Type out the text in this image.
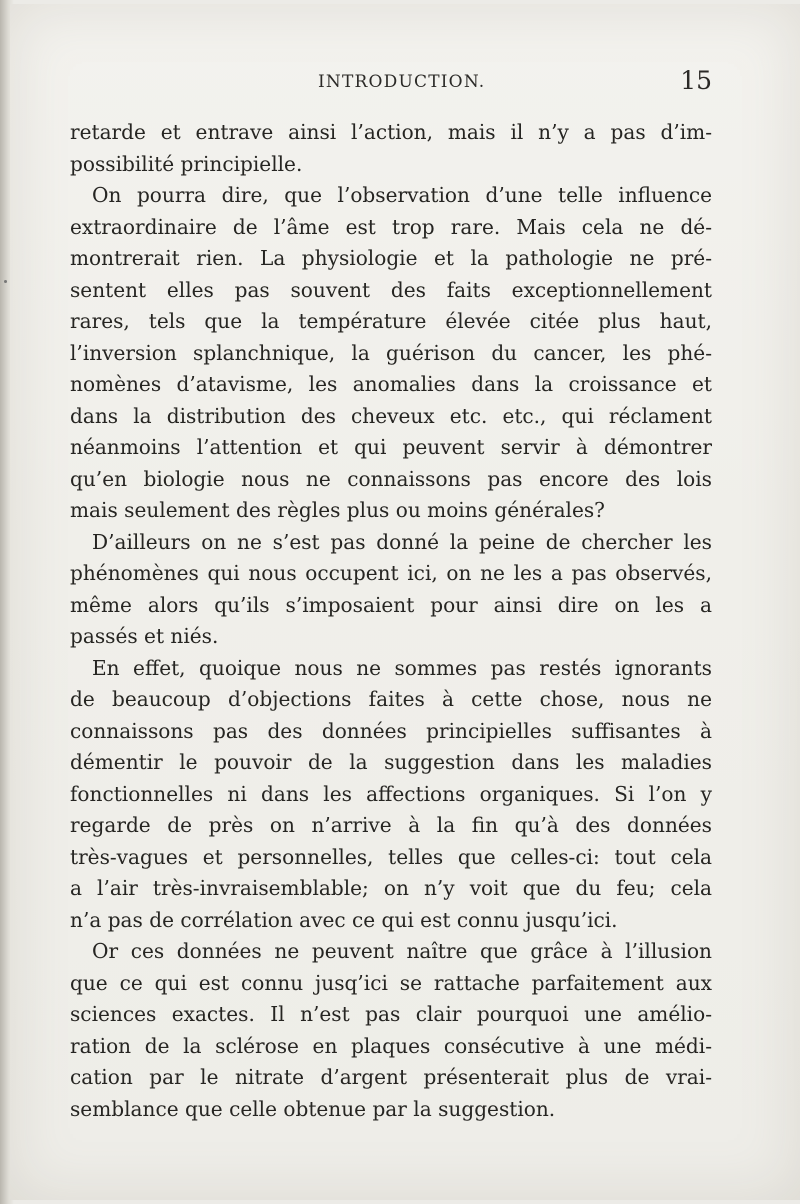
INTRODUCTION.	15
retarde et entrave ainsi l’action, mais il n’y a pas d’im-
possibilité principielle.
On pourra dire, que l’observation d’une telle influence
extraordinaire de l’âme est trop rare. Mais cela ne dé-
montrerait rien. La physiologie et la pathologie ne pré-
sentent elles pas souvent des faits exceptionnellement
rares, tels que la température élevée citée plus haut,
l’inversion splanchnique, la guérison du cancer, les phé-
nomènes d’atavisme, les anomalies dans la croissance et
dans la distribution des cheveux etc. etc., qui réclament
néanmoins l’attention et qui peuvent servir à démontrer
qu’en biologie nous ne connaissons pas encore des lois
mais seulement des règles plus ou moins générales?
D’ailleurs on ne s’est pas donné la peine de chercher les
phénomènes qui nous occupent ici, on ne les a pas observés,
même alors qu’ils s’imposaient pour ainsi dire on les a
passés et niés.
En effet, quoique nous ne sommes pas restés ignorants
de beaucoup d’objections faites à cette chose, nous ne
connaissons pas des données principielles suffisantes à
démentir le pouvoir de la suggestion dans les maladies
fonctionnelles ni dans les affections organiques. Si l’on y
regarde de près on n’arrive à la fin qu’à des données
très-vagues et personnelles, telles que celles-ci: tout cela
a l’air très-invraisemblable; on n’y voit que du feu; cela
n’a pas de corrélation avec ce qui est connu jusqu’ici.
Or ces données ne peuvent naître que grâce à l’illusion
que ce qui est connu jusq’ici se rattache parfaitement aux
sciences exactes. Il n’est pas clair pourquoi une amélio-
ration de la sclérose en plaques consécutive à une médi-
cation par le nitrate d’argent présenterait plus de vrai-
semblance que celle obtenue par la suggestion.
